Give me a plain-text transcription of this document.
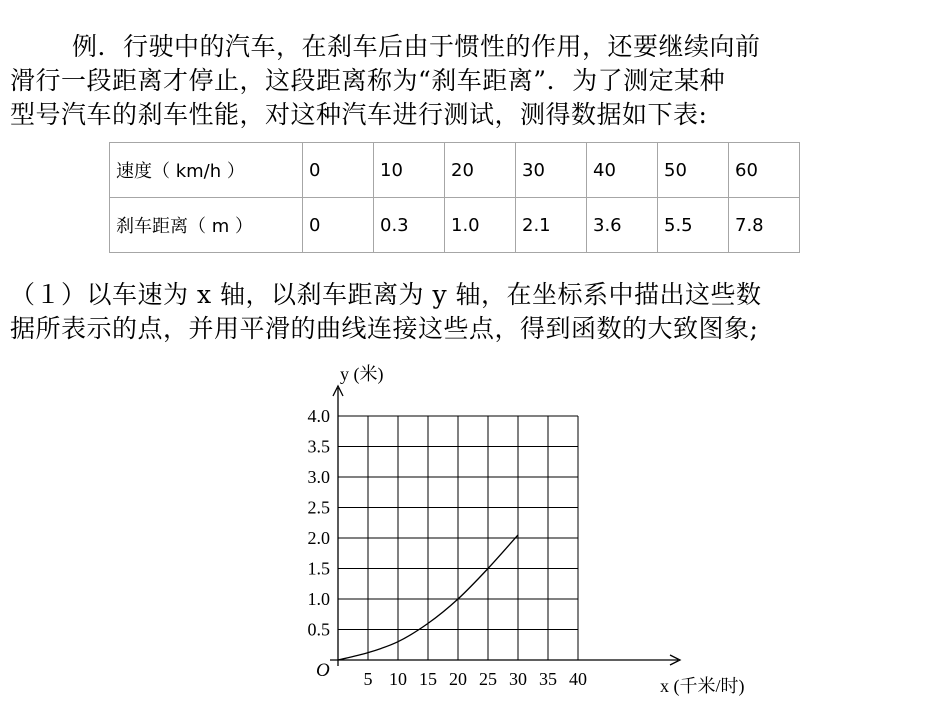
例．行驶中的汽车，在刹车后由于惯性的作用，还要继续向前
滑行一段距离才停止，这段距离称为“刹车距离”．为了测定某种
型号汽车的刹车性能，对这种汽车进行测试，测得数据如下表:
速度（ km/h ）	0	10	20	30	40	50	60
刹车距离（ m ）	0	0.3	1.0	2.1	3.6	5.5	7.8
（１）以车速为 x 轴，以刹车距离为 y 轴，在坐标系中描出这些数
据所表示的点，并用平滑的曲线连接这些点，得到函数的大致图象;
5 10 15 20 25 30 35 40
0.5
1.0
1.5
2.0
2.5
3.0
3.5
4.0
O
x (千米/时)
y (米)
